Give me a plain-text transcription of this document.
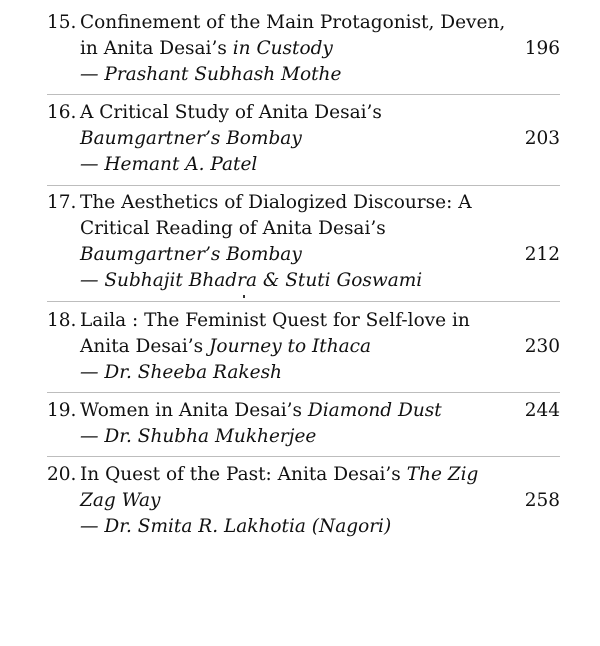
15. Confinement of the Main Protagonist, Deven,
in Anita Desai’s in Custody	196
— Prashant Subhash Mothe
16. A Critical Study of Anita Desai’s
Baumgartner’s Bombay	203
— Hemant A. Patel
17. The Aesthetics of Dialogized Discourse: A
Critical Reading of Anita Desai’s
Baumgartner’s Bombay	212
— Subhajit Bhadra & Stuti Goswami
18. Laila : The Feminist Quest for Self-love in
Anita Desai’s Journey to Ithaca	230
— Dr. Sheeba Rakesh
19. Women in Anita Desai’s Diamond Dust	244
— Dr. Shubha Mukherjee
20. In Quest of the Past: Anita Desai’s The Zig
Zag Way	258
— Dr. Smita R. Lakhotia (Nagori)
